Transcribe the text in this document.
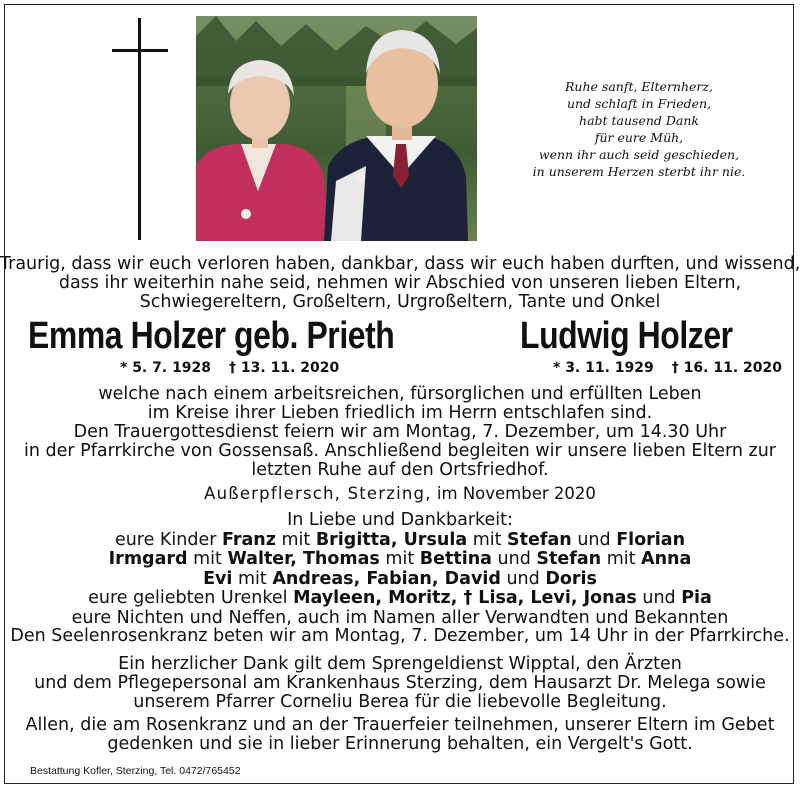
Ruhe sanft, Elternherz,
und schlaft in Frieden,
habt tausend Dank
für eure Müh,
wenn ihr auch seid geschieden,
in unserem Herzen sterbt ihr nie.
Traurig, dass wir euch verloren haben, dankbar, dass wir euch haben durften, und wissend,
dass ihr weiterhin nahe seid, nehmen wir Abschied von unseren lieben Eltern,
Schwiegereltern, Großeltern, Urgroßeltern, Tante und Onkel
Emma Holzer geb. Prieth	Ludwig Holzer
* 5. 7. 1928 † 13. 11. 2020	* 3. 11. 1929 † 16. 11. 2020
welche nach einem arbeitsreichen, fürsorglichen und erfüllten Leben
im Kreise ihrer Lieben friedlich im Herrn entschlafen sind.
Den Trauergottesdienst feiern wir am Montag, 7. Dezember, um 14.30 Uhr
in der Pfarrkirche von Gossensaß. Anschließend begleiten wir unsere lieben Eltern zur
letzten Ruhe auf den Ortsfriedhof.
Außerpflersch, Sterzing, im November 2020
In Liebe und Dankbarkeit:
eure Kinder Franz mit Brigitta, Ursula mit Stefan und Florian
Irmgard mit Walter, Thomas mit Bettina und Stefan mit Anna
Evi mit Andreas, Fabian, David und Doris
eure geliebten Urenkel Mayleen, Moritz, † Lisa, Levi, Jonas und Pia
eure Nichten und Neffen, auch im Namen aller Verwandten und Bekannten
Den Seelenrosenkranz beten wir am Montag, 7. Dezember, um 14 Uhr in der Pfarrkirche.
Ein herzlicher Dank gilt dem Sprengeldienst Wipptal, den Ärzten
und dem Pflegepersonal am Krankenhaus Sterzing, dem Hausarzt Dr. Melega sowie
unserem Pfarrer Corneliu Berea für die liebevolle Begleitung.
Allen, die am Rosenkranz und an der Trauerfeier teilnehmen, unserer Eltern im Gebet
gedenken und sie in lieber Erinnerung behalten, ein Vergelt's Gott.
Bestattung Kofler, Sterzing, Tel. 0472/765452
